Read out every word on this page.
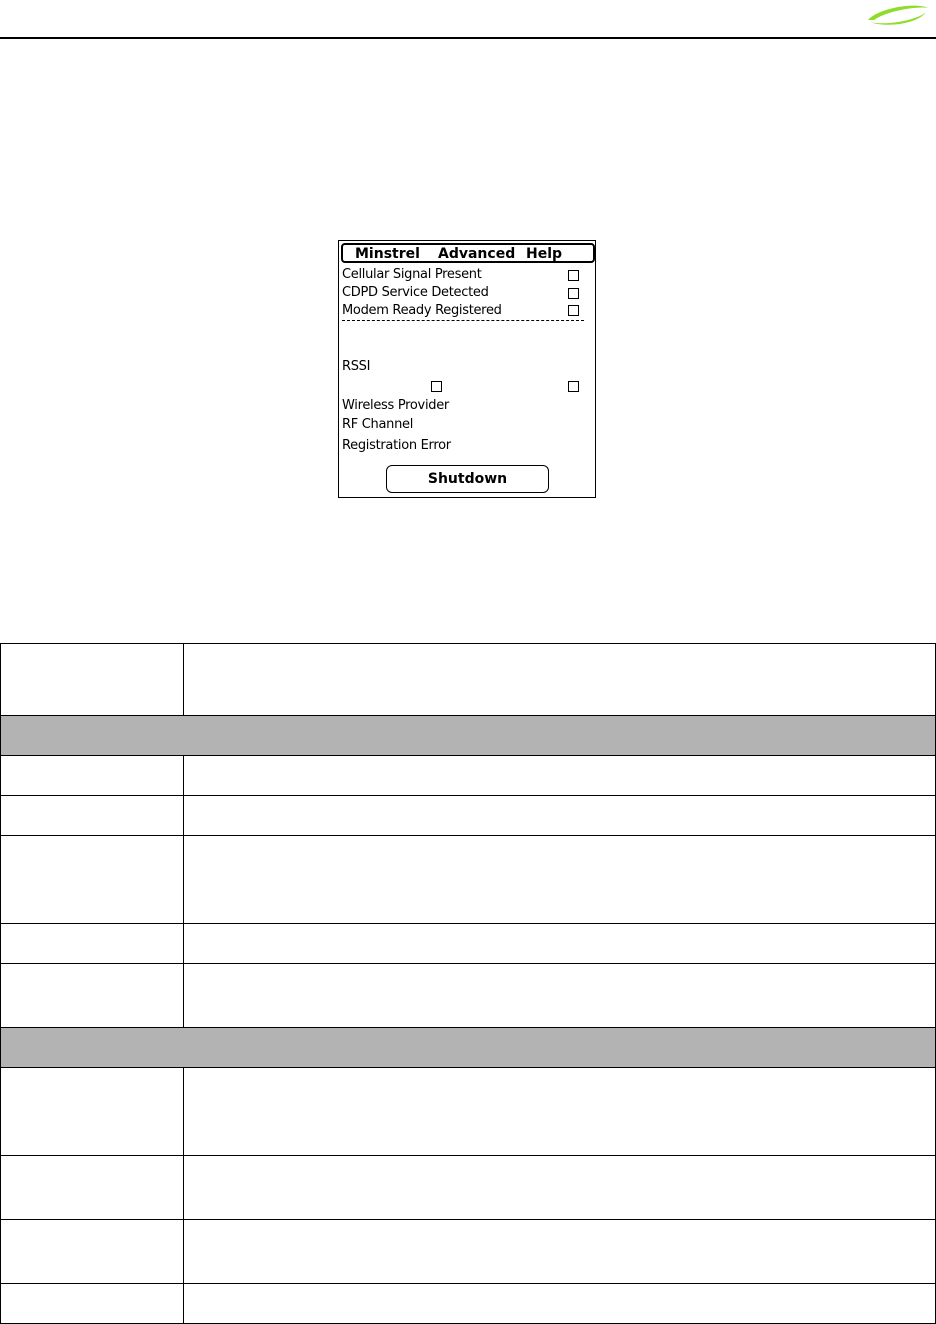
Minstrel Advanced Help
Cellular Signal Present
CDPD Service Detected
Modem Ready Registered
RSSI
Wireless Provider
RF Channel
Registration Error
Shutdown
